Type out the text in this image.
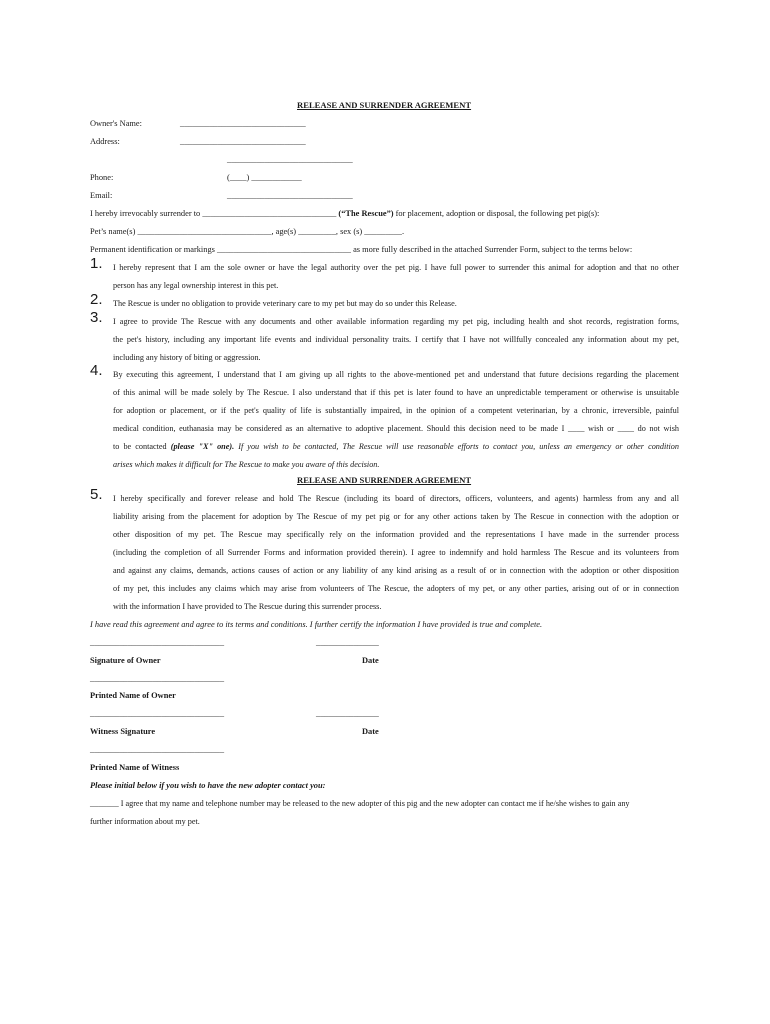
RELEASE AND SURRENDER AGREEMENT
Owner's Name:	______________________________
Address:	______________________________
______________________________
Phone:	(____) ____________
Email:	______________________________
I hereby irrevocably surrender to ________________________________ (“The Rescue”) for placement, adoption or disposal, the following pet pig(s):
Pet’s name(s) ________________________________, age(s) _________, sex (s) _________.
Permanent identification or markings ________________________________ as more fully described in the attached Surrender Form, subject to the terms below:
1. I hereby represent that I am the sole owner or have the legal authority over the pet pig. I have full power to surrender this animal for adoption and that no other
person has any legal ownership interest in this pet.
2. The Rescue is under no obligation to provide veterinary care to my pet but may do so under this Release.
3. I agree to provide The Rescue with any documents and other available information regarding my pet pig, including health and shot records, registration forms,
the pet's history, including any important life events and individual personality traits. I certify that I have not willfully concealed any information about my pet,
including any history of biting or aggression.
4. By executing this agreement, I understand that I am giving up all rights to the above-mentioned pet and understand that future decisions regarding the placement
of this animal will be made solely by The Rescue. I also understand that if this pet is later found to have an unpredictable temperament or otherwise is unsuitable
for adoption or placement, or if the pet's quality of life is substantially impaired, in the opinion of a competent veterinarian, by a chronic, irreversible, painful
medical condition, euthanasia may be considered as an alternative to adoptive placement. Should this decision need to be made I ____ wish or ____ do not wish
to be contacted (please "X" one). If you wish to be contacted, The Rescue will use reasonable efforts to contact you, unless an emergency or other condition
arises which makes it difficult for The Rescue to make you aware of this decision.
RELEASE AND SURRENDER AGREEMENT
5. I hereby specifically and forever release and hold The Rescue (including its board of directors, officers, volunteers, and agents) harmless from any and all
liability arising from the placement for adoption by The Rescue of my pet pig or for any other actions taken by The Rescue in connection with the adoption or
other disposition of my pet. The Rescue may specifically rely on the information provided and the representations I have made in the surrender process
(including the completion of all Surrender Forms and information provided therein). I agree to indemnify and hold harmless The Rescue and its volunteers from
and against any claims, demands, actions causes of action or any liability of any kind arising as a result of or in connection with the adoption or other disposition
of my pet, this includes any claims which may arise from volunteers of The Rescue, the adopters of my pet, or any other parties, arising out of or in connection
with the information I have provided to The Rescue during this surrender process.
I have read this agreement and agree to its terms and conditions. I further certify the information I have provided is true and complete.
________________________________	_______________
Signature of Owner	Date
________________________________
Printed Name of Owner
________________________________	_______________
Witness Signature	Date
________________________________
Printed Name of Witness
Please initial below if you wish to have the new adopter contact you:
_______ I agree that my name and telephone number may be released to the new adopter of this pig and the new adopter can contact me if he/she wishes to gain any
further information about my pet.
